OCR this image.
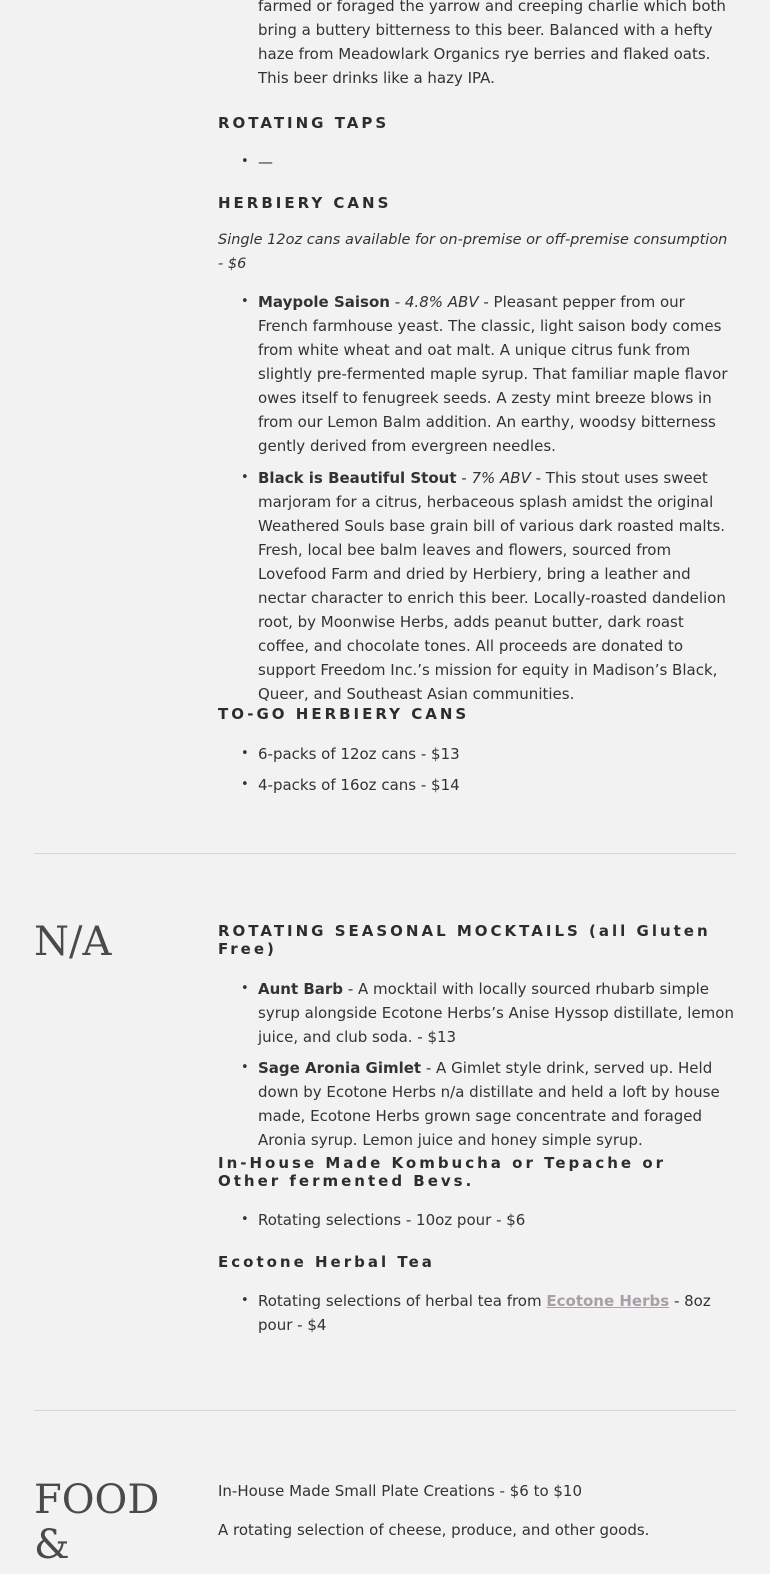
farmed or foraged the yarrow and creeping charlie which both bring a buttery bitterness to this beer. Balanced with a hefty haze from Meadowlark Organics rye berries and flaked oats. This beer drinks like a hazy IPA.

ROTATING TAPS
• —
HERBIERY CANS

Single 12oz cans available for on-premise or off-premise consumption - $6

• Maypole Saison - 4.8% ABV - Pleasant pepper from our French farmhouse yeast. The classic, light saison body comes from white wheat and oat malt. A unique citrus funk from slightly pre-fermented maple syrup. That familiar maple flavor owes itself to fenugreek seeds. A zesty mint breeze blows in from our Lemon Balm addition. An earthy, woodsy bitterness gently derived from evergreen needles.
• Black is Beautiful Stout - 7% ABV - This stout uses sweet marjoram for a citrus, herbaceous splash amidst the original Weathered Souls base grain bill of various dark roasted malts. Fresh, local bee balm leaves and flowers, sourced from Lovefood Farm and dried by Herbiery, bring a leather and nectar character to enrich this beer. Locally-roasted dandelion root, by Moonwise Herbs, adds peanut butter, dark roast coffee, and chocolate tones. All proceeds are donated to support Freedom Inc.’s mission for equity in Madison’s Black, Queer, and Southeast Asian communities.
TO-GO HERBIERY CANS
• 6-packs of 12oz cans - $13
• 4-packs of 16oz cans - $14
N/A	ROTATING SEASONAL MOCKTAILS (all Gluten Free)
• Aunt Barb - A mocktail with locally sourced rhubarb simple syrup alongside Ecotone Herbs’s Anise Hyssop distillate, lemon juice, and club soda. - $13
• Sage Aronia Gimlet - A Gimlet style drink, served up. Held down by Ecotone Herbs n/a distillate and held a loft by house made, Ecotone Herbs grown sage concentrate and foraged Aronia syrup. Lemon juice and honey simple syrup.
In-House Made Kombucha or Tepache or Other fermented Bevs.
• Rotating selections - 10oz pour - $6
Ecotone Herbal Tea
• Rotating selections of herbal tea from Ecotone Herbs - 8oz pour - $4
FOOD
&

In-House Made Small Plate Creations - $6 to $10

A rotating selection of cheese, produce, and other goods.
